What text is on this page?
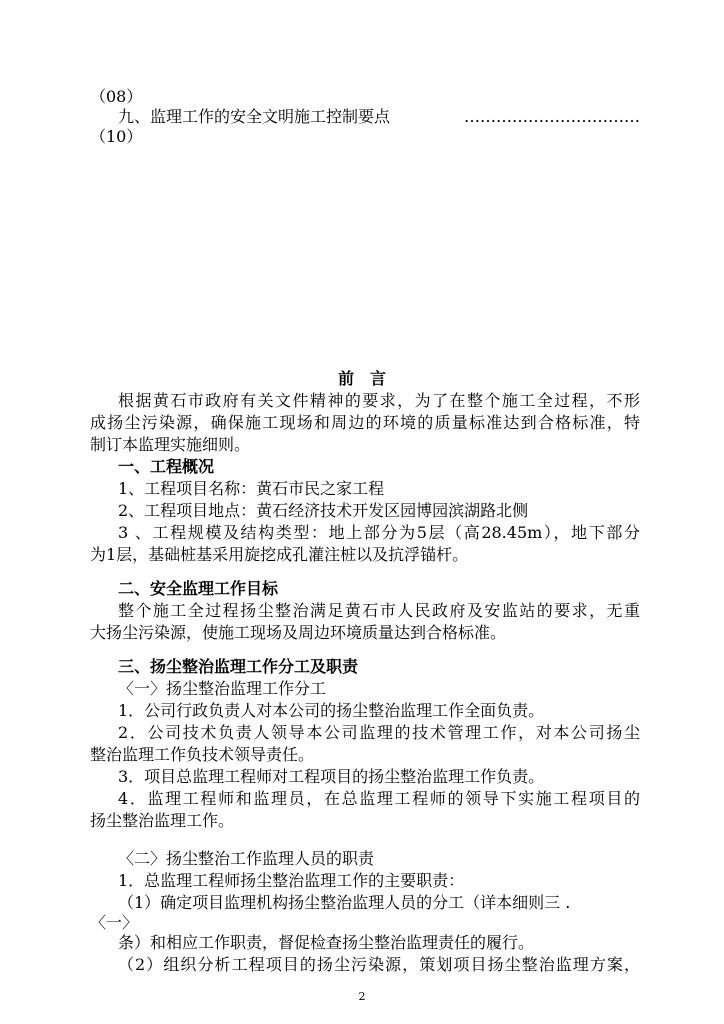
（08）
九、监理工作的安全文明施工控制要点	……………………………
（10）
前言
根据黄石市政府有关文件精神的要求，为了在整个施工全过程，不形
成扬尘污染源，确保施工现场和周边的环境的质量标准达到合格标准，特
制订本监理实施细则。
一、工程概况
1、工程项目名称：黄石市民之家工程
2、工程项目地点：黄石经济技术开发区园博园滨湖路北侧
3 、工程规模及结构类型：地上部分为5层（高28.45m），地下部分
为1层，基础桩基采用旋挖成孔灌注桩以及抗浮锚杆。
二、安全监理工作目标
整个施工全过程扬尘整治满足黄石市人民政府及安监站的要求，无重
大扬尘污染源，使施工现场及周边环境质量达到合格标准。
三、扬尘整治监理工作分工及职责
〈一〉扬尘整治监理工作分工
1．公司行政负责人对本公司的扬尘整治监理工作全面负责。
2．公司技术负责人领导本公司监理的技术管理工作，对本公司扬尘
整治监理工作负技术领导责任。
3．项目总监理工程师对工程项目的扬尘整治监理工作负责。
4．监理工程师和监理员，在总监理工程师的领导下实施工程项目的
扬尘整治监理工作。
〈二〉扬尘整治工作监理人员的职责
1．总监理工程师扬尘整治监理工作的主要职责：
（1）确定项目监理机构扬尘整治监理人员的分工（详本细则三 .
〈一〉
条）和相应工作职责，督促检查扬尘整治监理责任的履行。
（2）组织分析工程项目的扬尘污染源，策划项目扬尘整治监理方案，
2
